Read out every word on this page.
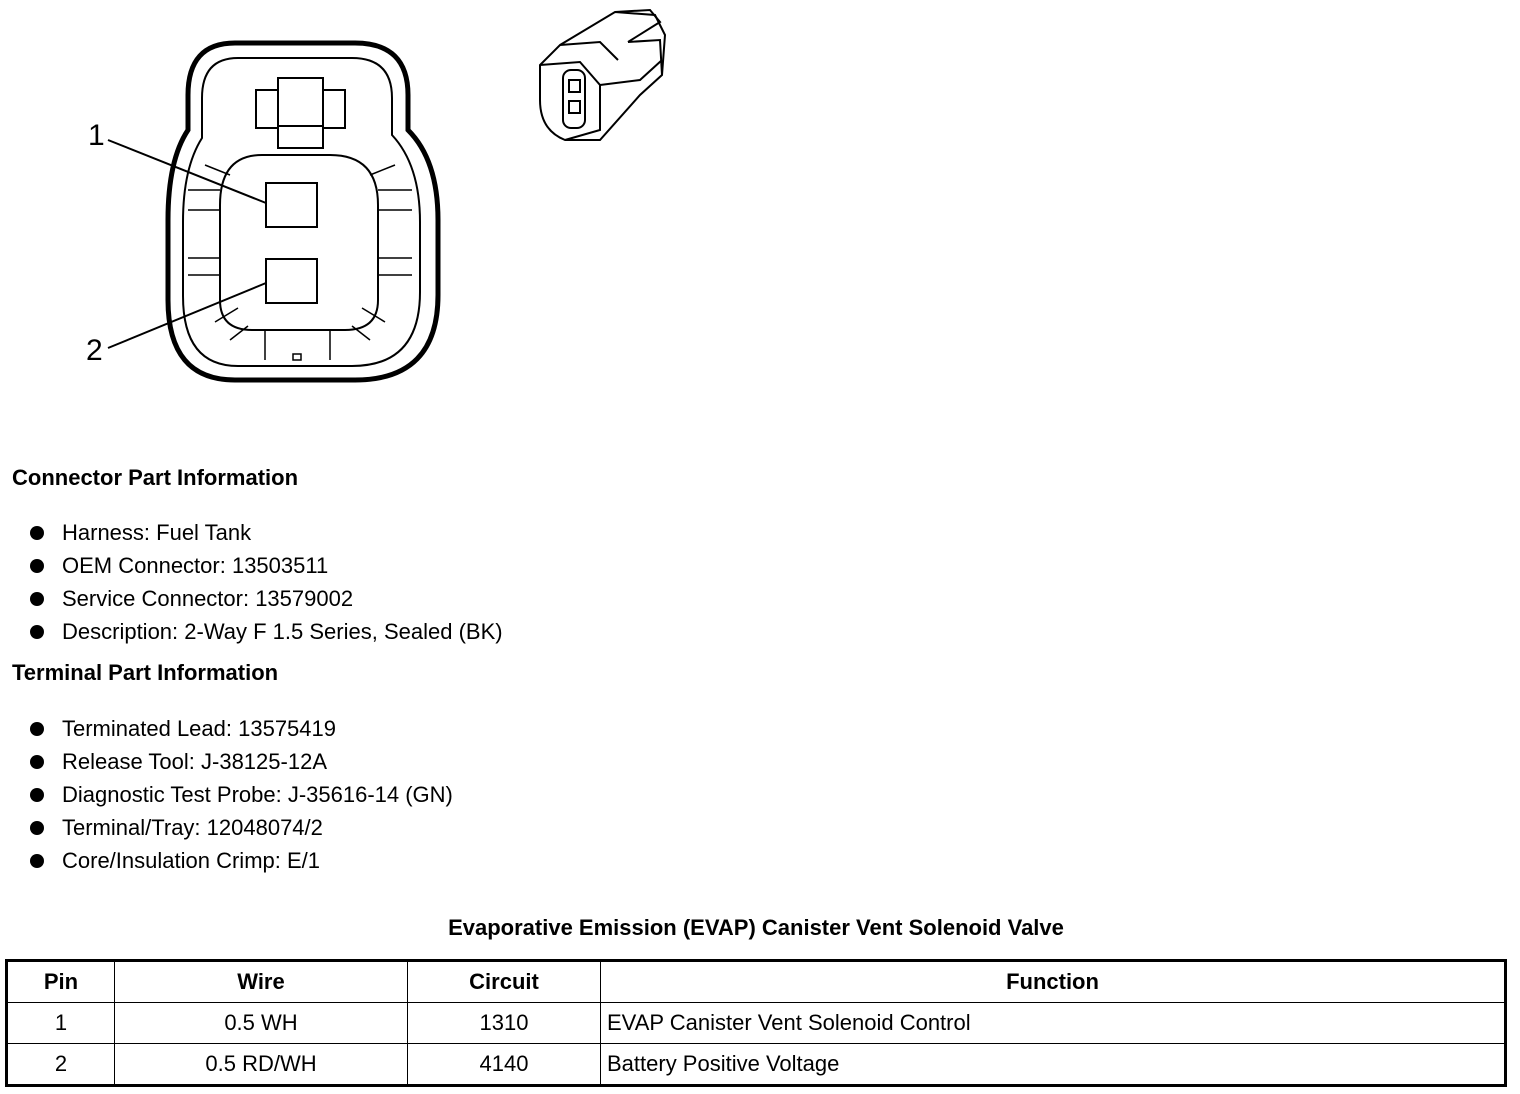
1
2
Connector Part Information
Harness: Fuel Tank
OEM Connector: 13503511
Service Connector: 13579002
Description: 2-Way F 1.5 Series, Sealed (BK)
Terminal Part Information
Terminated Lead: 13575419
Release Tool: J-38125-12A
Diagnostic Test Probe: J-35616-14 (GN)
Terminal/Tray: 12048074/2
Core/Insulation Crimp: E/1
Evaporative Emission (EVAP) Canister Vent Solenoid Valve
Pin	Wire	Circuit	Function
1	0.5 WH	1310	EVAP Canister Vent Solenoid Control
2	0.5 RD/WH	4140	Battery Positive Voltage
